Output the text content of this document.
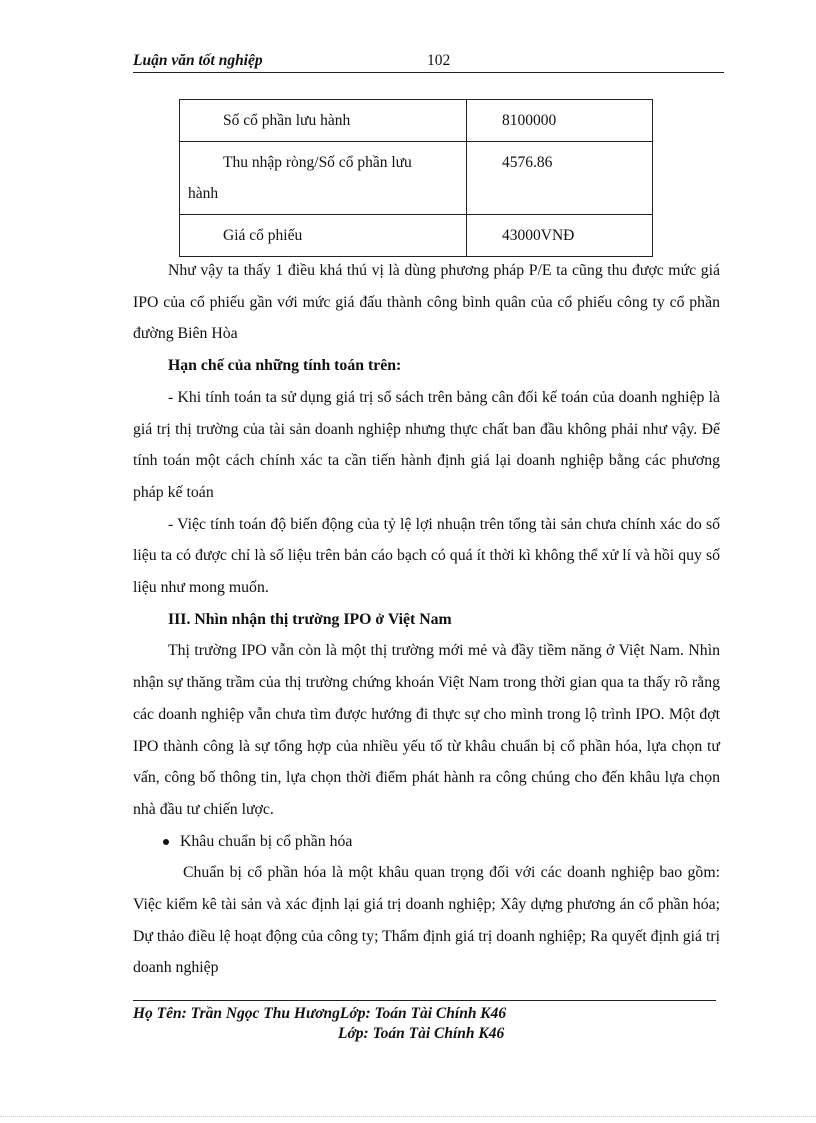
Luận văn tốt nghiệp	102
Số cổ phần lưu hành	8100000
Thu nhập ròng/Số cổ phần lưu
hành	4576.86
Giá cổ phiếu	43000VNĐ

Như vậy ta thấy 1 điều khá thú vị là dùng phương pháp P/E ta cũng thu được mức giá IPO của cổ phiếu gần với mức giá đấu thành công bình quân của cổ phiếu công ty cổ phần đường Biên Hòa

Hạn chế của những tính toán trên:

- Khi tính toán ta sử dụng giá trị sổ sách trên bảng cân đối kế toán của doanh nghiệp là giá trị thị trường của tài sản doanh nghiệp nhưng thực chất ban đầu không phải như vậy. Để tính toán một cách chính xác ta cần tiến hành định giá lại doanh nghiệp bằng các phương pháp kế toán

- Việc tính toán độ biến động của tỷ lệ lợi nhuận trên tổng tài sản chưa chính xác do số liệu ta có được chỉ là số liệu trên bản cáo bạch có quá ít thời kì không thể xử lí và hồi quy số liệu như mong muốn.

III. Nhìn nhận thị trường IPO ở Việt Nam

Thị trường IPO vẫn còn là một thị trường mới mẻ và đầy tiềm năng ở Việt Nam. Nhìn nhận sự thăng trầm của thị trường chứng khoán Việt Nam trong thời gian qua ta thấy rõ rằng các doanh nghiệp vẫn chưa tìm được hướng đi thực sự cho mình trong lộ trình IPO. Một đợt IPO thành công là sự tổng hợp của nhiều yếu tố từ khâu chuẩn bị cổ phần hóa, lựa chọn tư vấn, công bố thông tin, lựa chọn thời điểm phát hành ra công chúng cho đến khâu lựa chọn nhà đầu tư chiến lược.

Khâu chuẩn bị cổ phần hóa

Chuẩn bị cổ phần hóa là một khâu quan trọng đối với các doanh nghiệp bao gồm: Việc kiểm kê tài sản và xác định lại giá trị doanh nghiệp; Xây dựng phương án cổ phần hóa; Dự thảo điều lệ hoạt động của công ty; Thẩm định giá trị doanh nghiệp; Ra quyết định giá trị doanh nghiệp

Họ Tên: Trần Ngọc Thu HươngLớp: Toán Tài Chính K46
Lớp: Toán Tài Chính K46
